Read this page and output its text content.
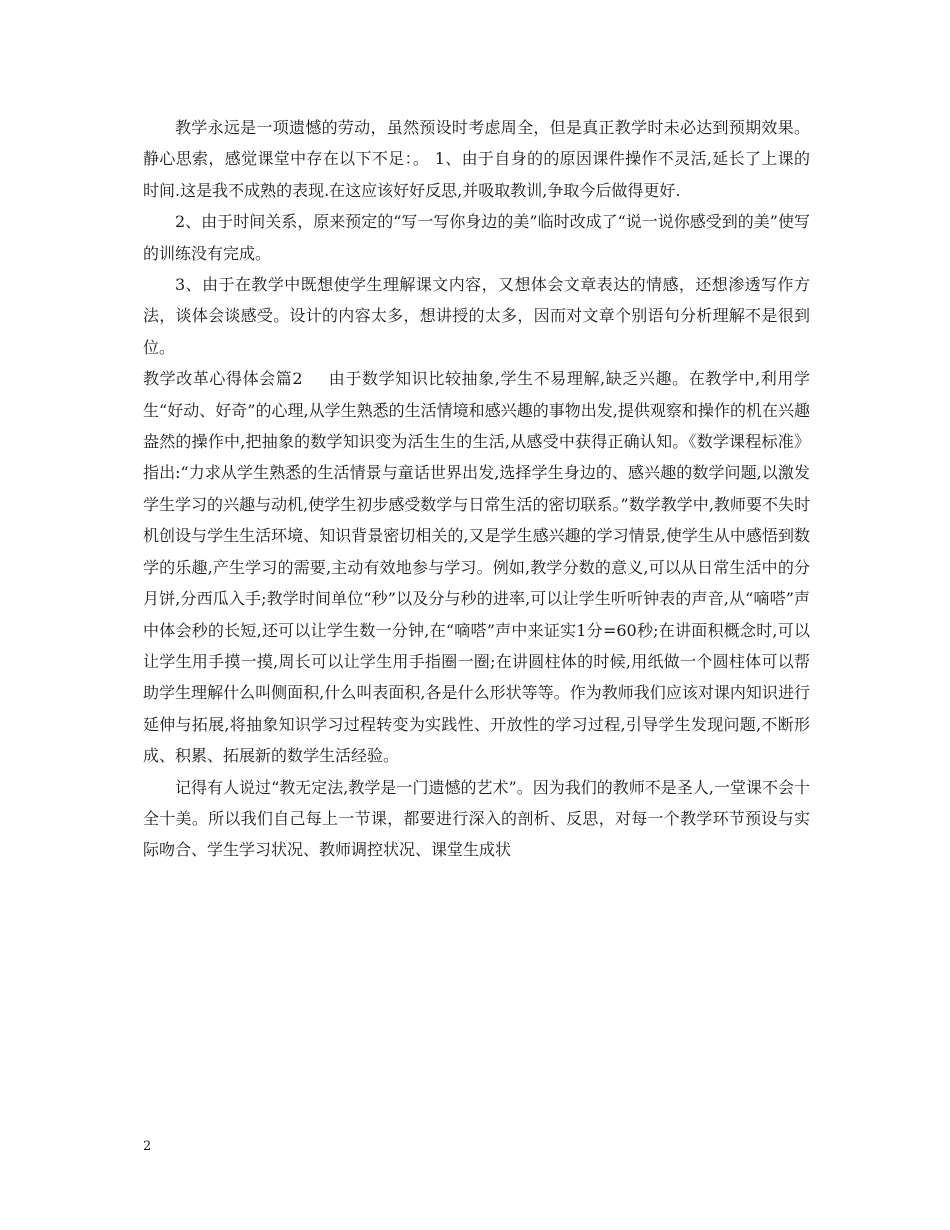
教学永远是一项遗憾的劳动，虽然预设时考虑周全，但是真正教学时未必达到预期效果。静心思索，感觉课堂中存在以下不足：。 1、由于自身的的原因课件操作不灵活,延长了上课的时间.这是我不成熟的表现.在这应该好好反思,并吸取教训,争取今后做得更好.

2、由于时间关系，原来预定的“写一写你身边的美”临时改成了“说一说你感受到的美”使写的训练没有完成。

3、由于在教学中既想使学生理解课文内容，又想体会文章表达的情感，还想渗透写作方法，谈体会谈感受。设计的内容太多，想讲授的太多，因而对文章个别语句分析理解不是很到位。

教学改革心得体会篇2 由于数学知识比较抽象,学生不易理解,缺乏兴趣。在教学中,利用学生“好动、好奇”的心理,从学生熟悉的生活情境和感兴趣的事物出发,提供观察和操作的机在兴趣盎然的操作中,把抽象的数学知识变为活生生的生活,从感受中获得正确认知。《数学课程标准》指出:“力求从学生熟悉的生活情景与童话世界出发,选择学生身边的、感兴趣的数学问题,以激发学生学习的兴趣与动机,使学生初步感受数学与日常生活的密切联系。”数学教学中,教师要不失时机创设与学生生活环境、知识背景密切相关的,又是学生感兴趣的学习情景,使学生从中感悟到数学的乐趣,产生学习的需要,主动有效地参与学习。例如,教学分数的意义,可以从日常生活中的分月饼,分西瓜入手;教学时间单位“秒”以及分与秒的进率,可以让学生听听钟表的声音,从“嘀嗒”声中体会秒的长短,还可以让学生数一分钟,在“嘀嗒”声中来证实1分=60秒;在讲面积概念时,可以让学生用手摸一摸,周长可以让学生用手指圈一圈;在讲圆柱体的时候,用纸做一个圆柱体可以帮助学生理解什么叫侧面积,什么叫表面积,各是什么形状等等。作为教师我们应该对课内知识进行延伸与拓展,将抽象知识学习过程转变为实践性、开放性的学习过程,引导学生发现问题,不断形成、积累、拓展新的数学生活经验。

记得有人说过“教无定法,教学是一门遗憾的艺术”。因为我们的教师不是圣人,一堂课不会十全十美。所以我们自己每上一节课，都要进行深入的剖析、反思，对每一个教学环节预设与实际吻合、学生学习状况、教师调控状况、课堂生成状

2
